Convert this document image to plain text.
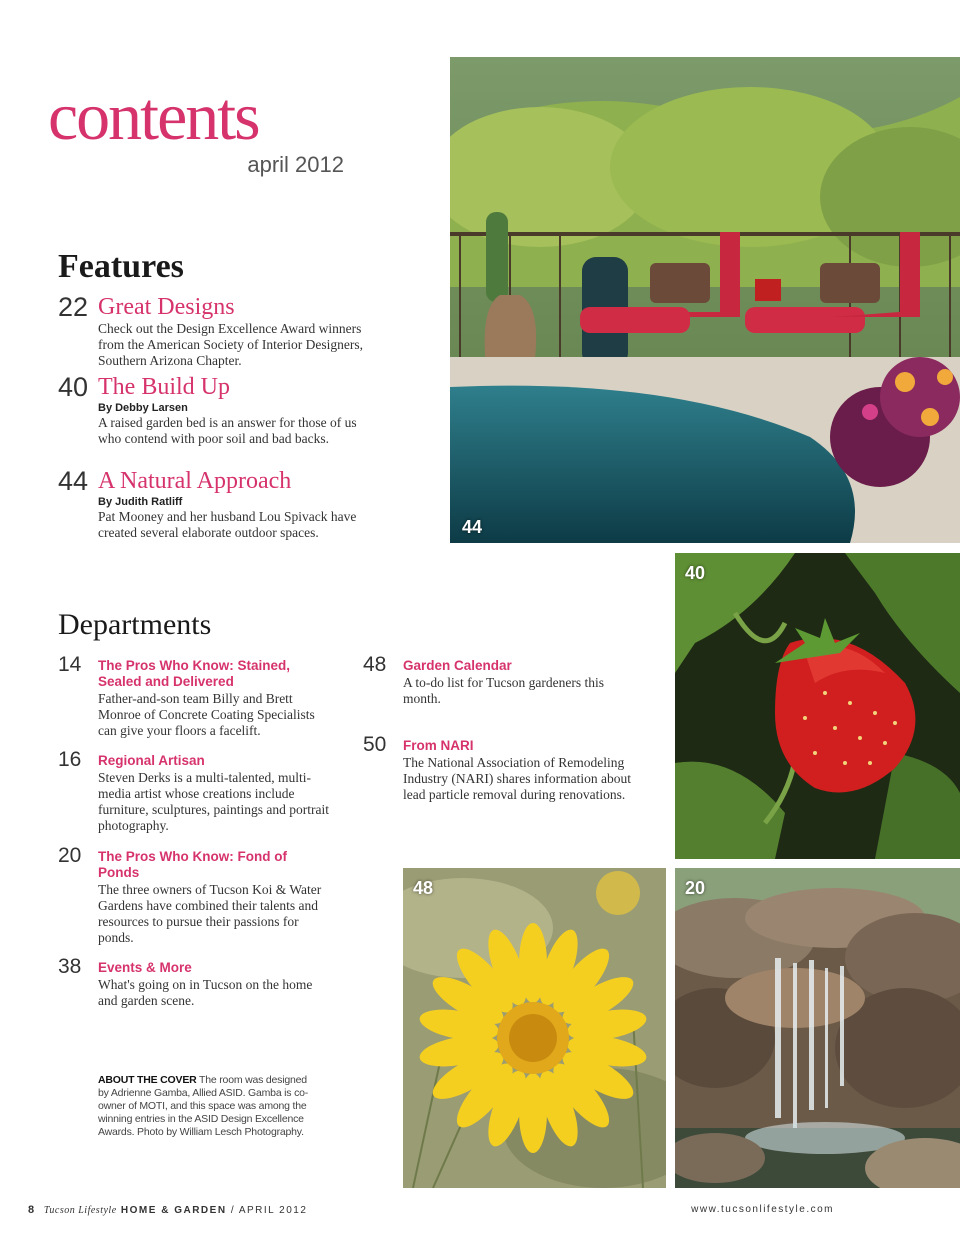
contents
april 2012
Features
22 Great Designs
Check out the Design Excellence Award winners from the American Society of Interior Designers, Southern Arizona Chapter.
40 The Build Up
By Debby Larsen
A raised garden bed is an answer for those of us who contend with poor soil and bad backs.
44 A Natural Approach
By Judith Ratliff
Pat Mooney and her husband Lou Spivack have created several elaborate outdoor spaces.
Departments
14 The Pros Who Know: Stained, Sealed and Delivered
Father-and-son team Billy and Brett Monroe of Concrete Coating Specialists can give your floors a facelift.
16 Regional Artisan
Steven Derks is a multi-talented, multi-media artist whose creations include furniture, sculptures, paintings and portrait photography.
20 The Pros Who Know: Fond of Ponds
The three owners of Tucson Koi & Water Gardens have combined their talents and resources to pursue their passions for ponds.
38 Events & More
What's going on in Tucson on the home and garden scene.
48 Garden Calendar
A to-do list for Tucson gardeners this month.
50 From NARI
The National Association of Remodeling Industry (NARI) shares information about lead particle removal during renovations.
ABOUT THE COVER The room was designed by Adrienne Gamba, Allied ASID. Gamba is co-owner of MOTI, and this space was among the winning entries in the ASID Design Excellence Awards. Photo by William Lesch Photography.
44
40
48	20
8 Tucson Lifestyle HOME & GARDEN / APRIL 2012	www.tucsonlifestyle.com
